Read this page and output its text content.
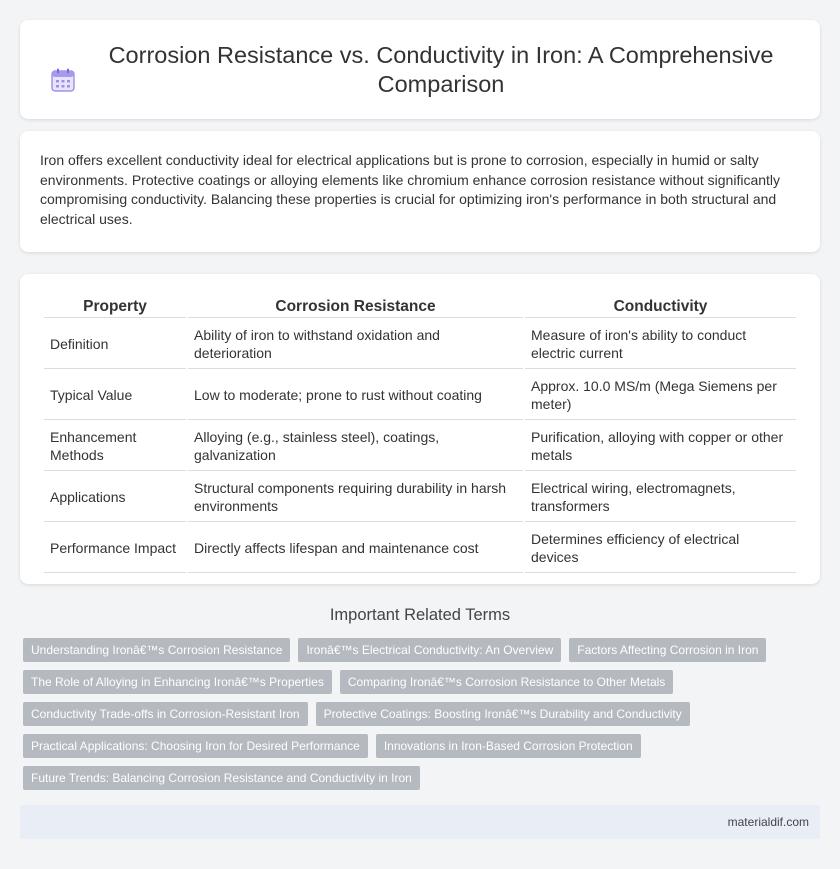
Corrosion Resistance vs. Conductivity in Iron: A Comprehensive Comparison

Iron offers excellent conductivity ideal for electrical applications but is prone to corrosion, especially in humid or salty environments. Protective coatings or alloying elements like chromium enhance corrosion resistance without significantly compromising conductivity. Balancing these properties is crucial for optimizing iron's performance in both structural and electrical uses.

Property	Corrosion Resistance	Conductivity
Definition	Ability of iron to withstand oxidation and deterioration	Measure of iron's ability to conduct electric current
Typical Value	Low to moderate; prone to rust without coating	Approx. 10.0 MS/m (Mega Siemens per meter)
Enhancement Methods	Alloying (e.g., stainless steel), coatings, galvanization	Purification, alloying with copper or other metals
Applications	Structural components requiring durability in harsh environments	Electrical wiring, electromagnets, transformers
Performance Impact	Directly affects lifespan and maintenance cost	Determines efficiency of electrical devices
Important Related Terms
Understanding Ironâ€™s Corrosion Resistance	Ironâ€™s Electrical Conductivity: An Overview	Factors Affecting Corrosion in Iron
The Role of Alloying in Enhancing Ironâ€™s Properties	Comparing Ironâ€™s Corrosion Resistance to Other Metals
Conductivity Trade-offs in Corrosion-Resistant Iron	Protective Coatings: Boosting Ironâ€™s Durability and Conductivity
Practical Applications: Choosing Iron for Desired Performance	Innovations in Iron-Based Corrosion Protection
Future Trends: Balancing Corrosion Resistance and Conductivity in Iron
materialdif.com
